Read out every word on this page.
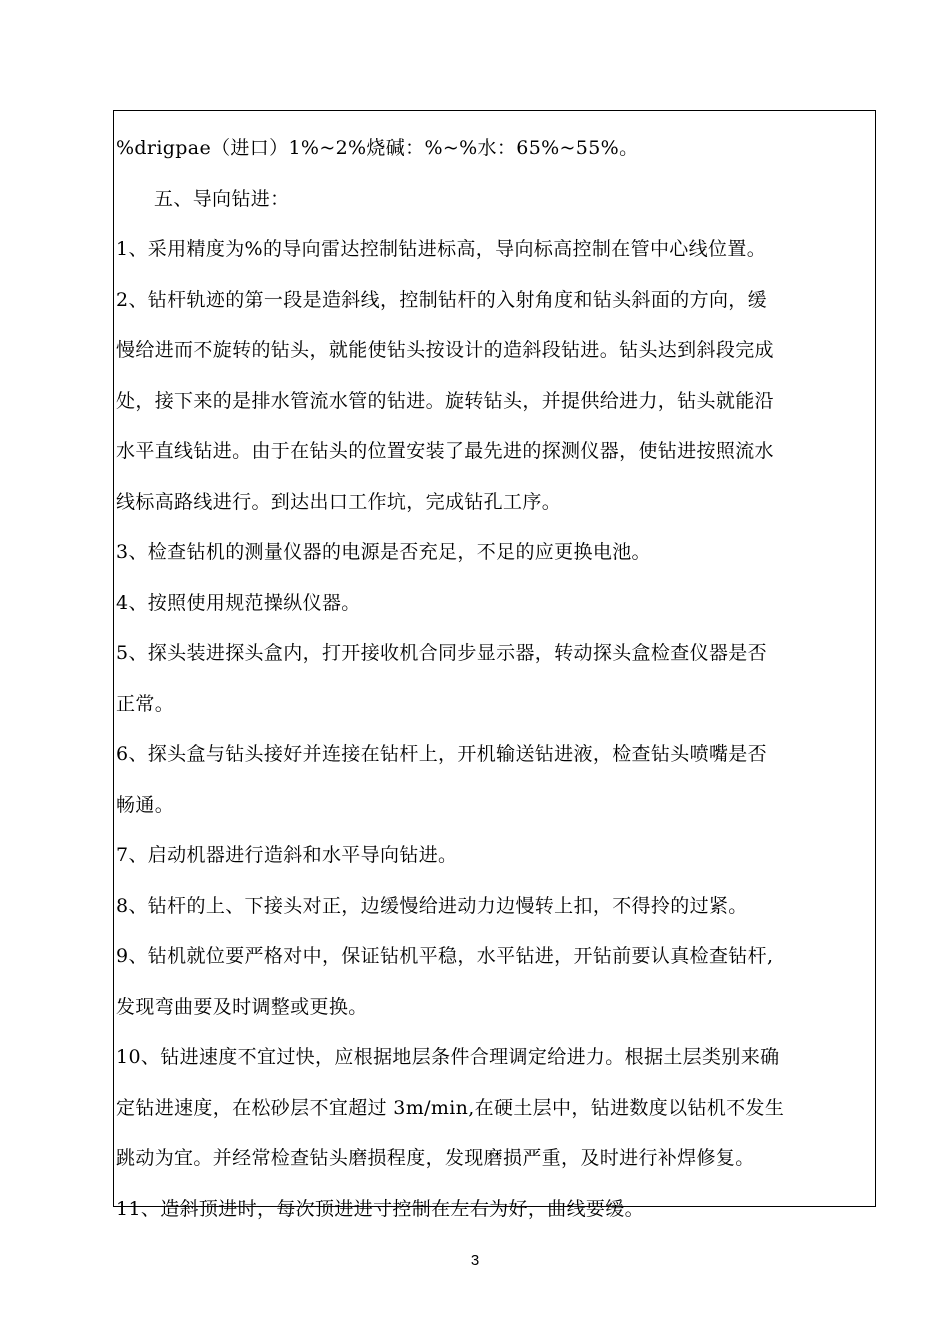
%drigpae（进口）1%~2%烧碱：%~%水：65%~55%。
五、导向钻进：
1、采用精度为%的导向雷达控制钻进标高，导向标高控制在管中心线位置。
2、钻杆轨迹的第一段是造斜线，控制钻杆的入射角度和钻头斜面的方向，缓
慢给进而不旋转的钻头，就能使钻头按设计的造斜段钻进。钻头达到斜段完成
处，接下来的是排水管流水管的钻进。旋转钻头，并提供给进力，钻头就能沿
水平直线钻进。由于在钻头的位置安装了最先进的探测仪器，使钻进按照流水
线标高路线进行。到达出口工作坑，完成钻孔工序。
3、检查钻机的测量仪器的电源是否充足，不足的应更换电池。
4、按照使用规范操纵仪器。
5、探头装进探头盒内，打开接收机合同步显示器，转动探头盒检查仪器是否
正常。
6、探头盒与钻头接好并连接在钻杆上，开机输送钻进液，检查钻头喷嘴是否
畅通。
7、启动机器进行造斜和水平导向钻进。
8、钻杆的上、下接头对正，边缓慢给进动力边慢转上扣，不得拎的过紧。
9、钻机就位要严格对中，保证钻机平稳，水平钻进，开钻前要认真检查钻杆,
发现弯曲要及时调整或更换。
10、钻进速度不宜过快，应根据地层条件合理调定给进力。根据土层类别来确
定钻进速度，在松砂层不宜超过 3m/min,在硬土层中，钻进数度以钻机不发生
跳动为宜。并经常检查钻头磨损程度，发现磨损严重，及时进行补焊修复。
11、造斜顶进时，每次顶进进寸控制在左右为好，曲线要缓。
3
